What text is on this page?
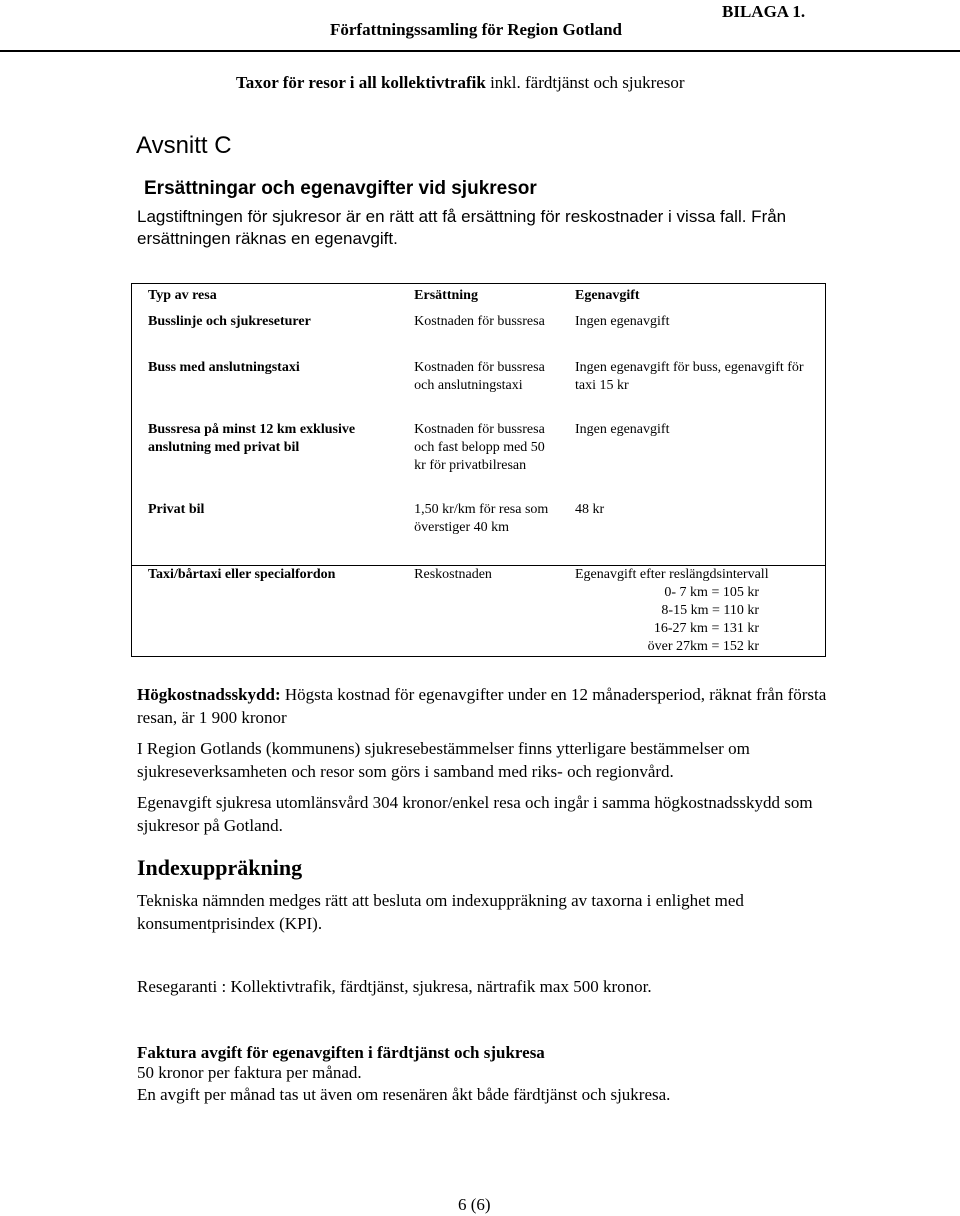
Författningssamling för Region Gotland
BILAGA 1.
Taxor för resor i all kollektivtrafik inkl. färdtjänst och sjukresor
Avsnitt C
Ersättningar och egenavgifter vid sjukresor
Lagstiftningen för sjukresor är en rätt att få ersättning för reskostnader i vissa fall. Från ersättningen räknas en egenavgift.
Typ av resa	Ersättning	Egenavgift
Busslinje och sjukreseturer	Kostnaden för bussresa	Ingen egenavgift
Buss med anslutningstaxi	Kostnaden för bussresa och anslutningstaxi	Ingen egenavgift för buss, egenavgift för taxi 15 kr
Bussresa på minst 12 km exklusive anslutning med privat bil	Kostnaden för bussresa och fast belopp med 50 kr för privatbilresan	Ingen egenavgift
Privat bil	1,50 kr/km för resa som överstiger 40 km	48 kr
Taxi/bårtaxi eller specialfordon	Reskostnaden	Egenavgift efter reslängdsintervall
0- 7 km = 105 kr
8-15 km = 110 kr
16-27 km = 131 kr
över 27km = 152 kr
Högkostnadsskydd: Högsta kostnad för egenavgifter under en 12 månadersperiod, räknat från första resan, är 1 900 kronor
I Region Gotlands (kommunens) sjukresebestämmelser finns ytterligare bestämmelser om sjukreseverksamheten och resor som görs i samband med riks- och regionvård.
Egenavgift sjukresa utomlänsvård 304 kronor/enkel resa och ingår i samma högkostnadsskydd som sjukresor på Gotland.
Indexuppräkning
Tekniska nämnden medges rätt att besluta om indexuppräkning av taxorna i enlighet med konsumentprisindex (KPI).
Resegaranti : Kollektivtrafik, färdtjänst, sjukresa, närtrafik max 500 kronor.
Faktura avgift för egenavgiften i färdtjänst och sjukresa
50 kronor per faktura per månad.
En avgift per månad tas ut även om resenären åkt både färdtjänst och sjukresa.
6 (6)
